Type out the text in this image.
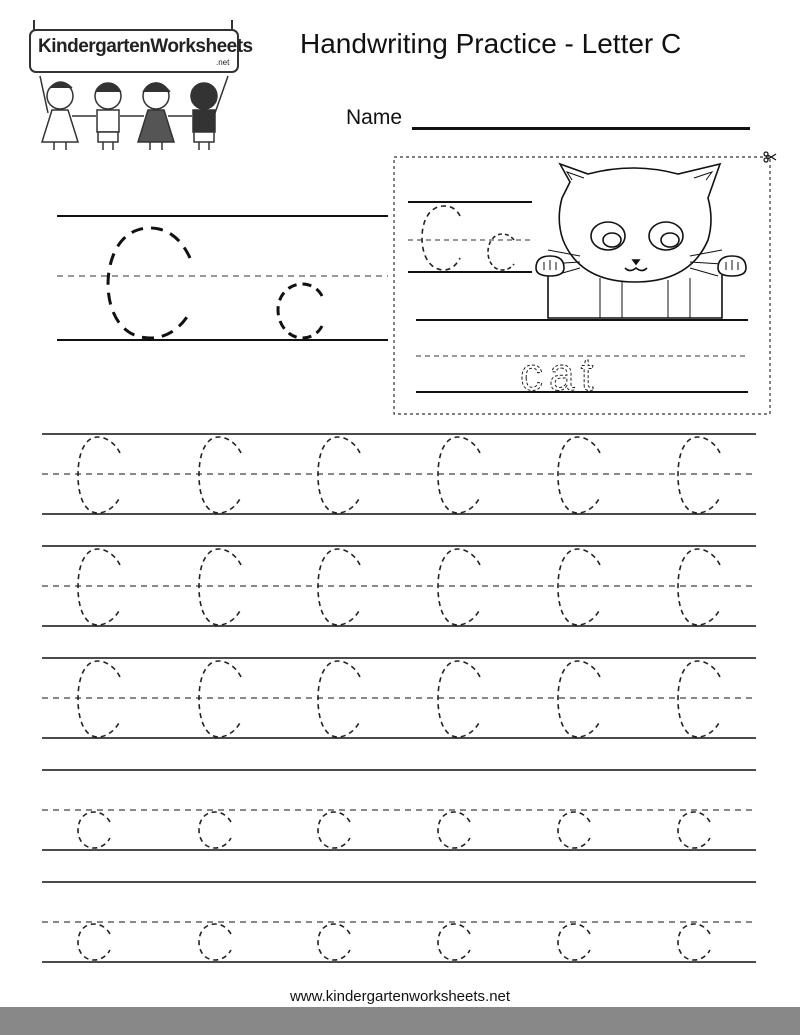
KindergartenWorksheets
.net
Handwriting Practice - Letter C
Name
cat
www.kindergartenworksheets.net
